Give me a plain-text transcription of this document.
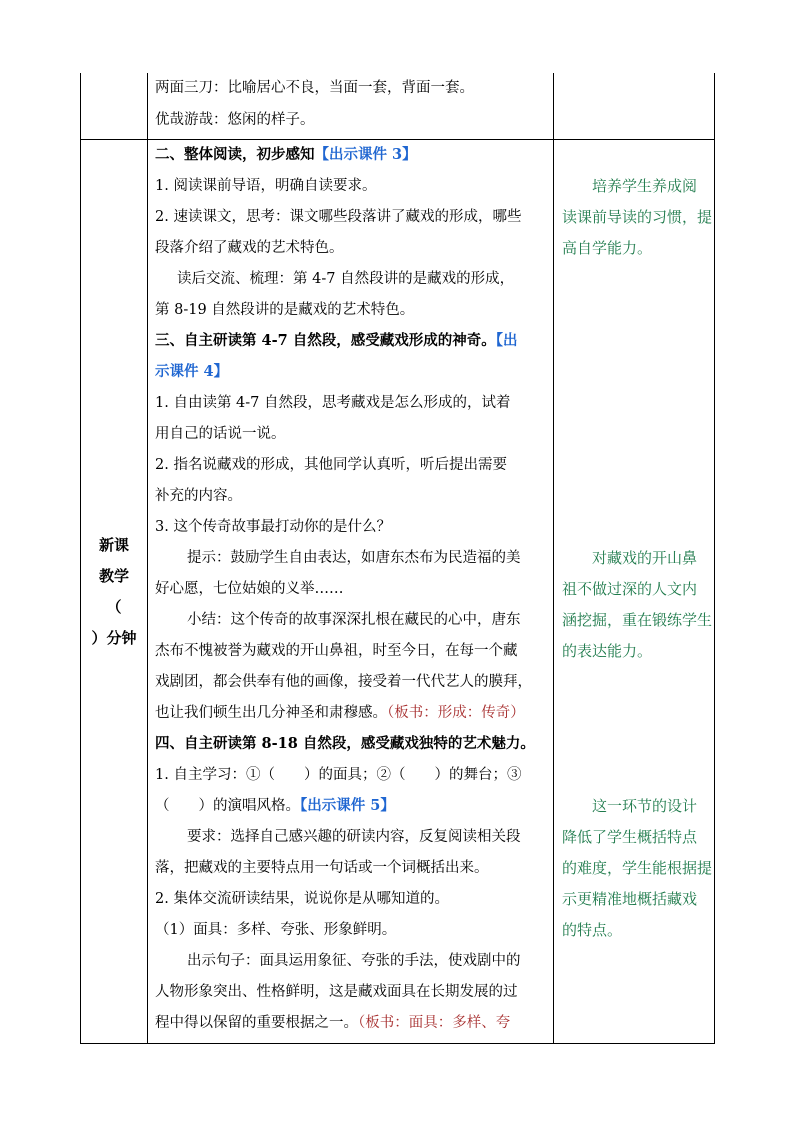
两面三刀：比喻居心不良，当面一套，背面一套。
优哉游哉：悠闲的样子。
新课
教学
（
）分钟
二、整体阅读，初步感知【出示课件 3】
1. 阅读课前导语，明确自读要求。
2. 速读课文，思考：课文哪些段落讲了藏戏的形成，哪些
段落介绍了藏戏的艺术特色。
读后交流、梳理：第 4-7 自然段讲的是藏戏的形成，
第 8-19 自然段讲的是藏戏的艺术特色。
三、自主研读第 4-7 自然段，感受藏戏形成的神奇。【出
示课件 4】
1. 自由读第 4-7 自然段，思考藏戏是怎么形成的，试着
用自己的话说一说。
2. 指名说藏戏的形成，其他同学认真听，听后提出需要
补充的内容。
3. 这个传奇故事最打动你的是什么？
提示：鼓励学生自由表达，如唐东杰布为民造福的美
好心愿，七位姑娘的义举……
小结：这个传奇的故事深深扎根在藏民的心中，唐东
杰布不愧被誉为藏戏的开山鼻祖，时至今日，在每一个藏
戏剧团，都会供奉有他的画像，接受着一代代艺人的膜拜，
也让我们顿生出几分神圣和肃穆感。（板书：形成：传奇）
四、自主研读第 8-18 自然段，感受藏戏独特的艺术魅力。
1. 自主学习：①（　　）的面具；②（　　）的舞台；③
（　　）的演唱风格。【出示课件 5】
要求：选择自己感兴趣的研读内容，反复阅读相关段
落，把藏戏的主要特点用一句话或一个词概括出来。
2. 集体交流研读结果，说说你是从哪知道的。
（1）面具：多样、夸张、形象鲜明。
出示句子：面具运用象征、夸张的手法，使戏剧中的
人物形象突出、性格鲜明，这是藏戏面具在长期发展的过
程中得以保留的重要根据之一。（板书：面具：多样、夸
培养学生养成阅
读课前导读的习惯，提
高自学能力。
对藏戏的开山鼻
祖不做过深的人文内
涵挖掘，重在锻练学生
的表达能力。
这一环节的设计
降低了学生概括特点
的难度，学生能根据提
示更精准地概括藏戏
的特点。
